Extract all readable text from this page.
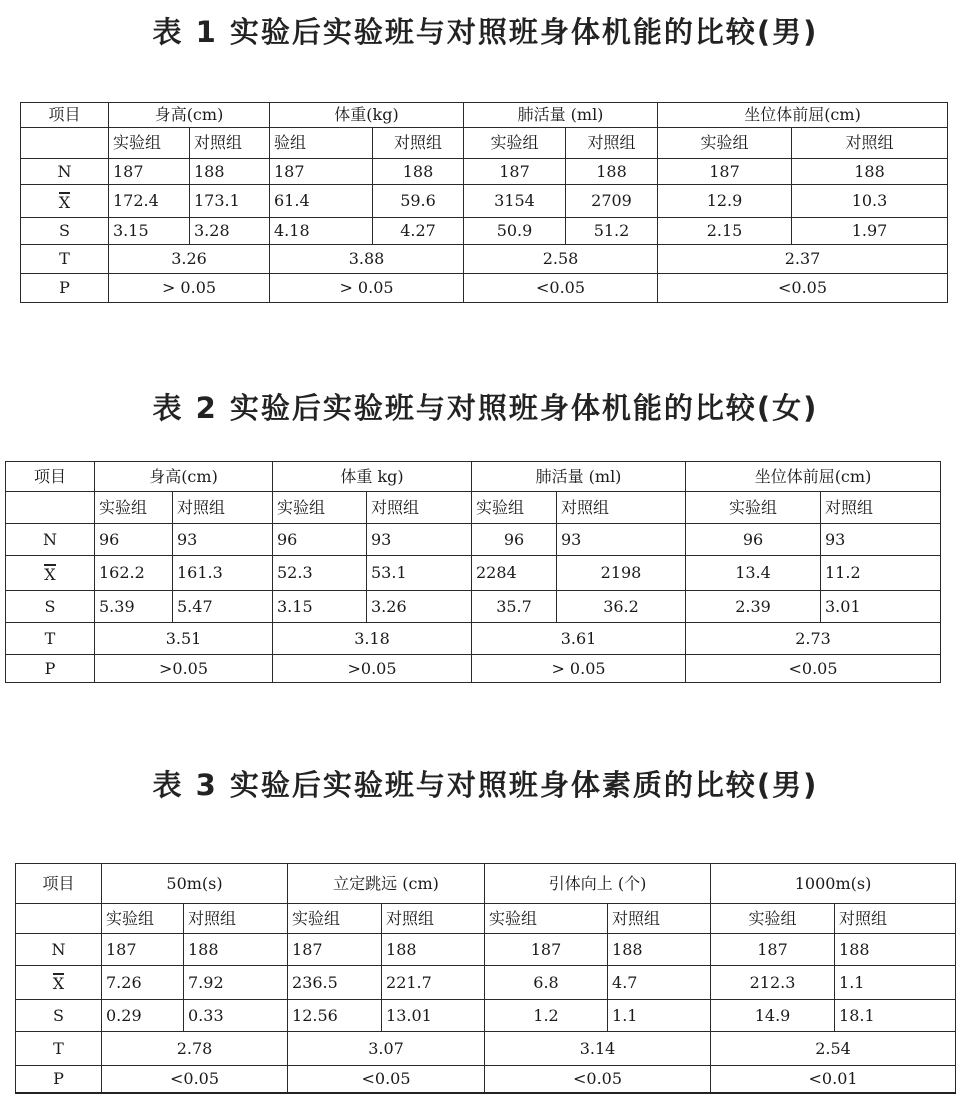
表 1 实验后实验班与对照班身体机能的比较(男)
项目	身高(cm)		体重(kg)		肺活量 (ml)		坐位体前屈(cm)	
	实验组	对照组	验组	对照组	实验组	对照组	实验组	对照组
N	187	188	187	188	187	188	187	188
X	172.4	173.1	61.4	59.6	3154	2709	12.9	10.3
S	3.15	3.28	4.18	4.27	50.9	51.2	2.15	1.97
T	3.26		3.88		2.58		2.37	
P	> 0.05		> 0.05		<0.05		<0.05	
表 2 实验后实验班与对照班身体机能的比较(女)
项目	身高(cm)		体重 kg)		肺活量 (ml)		坐位体前屈(cm)	
	实验组	对照组	实验组	对照组	实验组	对照组	实验组	对照组
N	96	93	96	93	96	93	96	93
X	162.2	161.3	52.3	53.1	2284	2198	13.4	11.2
S	5.39	5.47	3.15	3.26	35.7	36.2	2.39	3.01
T	3.51		3.18		3.61		2.73	
P	>0.05		>0.05		> 0.05		<0.05	
表 3 实验后实验班与对照班身体素质的比较(男)
项目	50m(s)		立定跳远 (cm)		引体向上 (个)		1000m(s)	
	实验组	对照组	实验组	对照组	实验组	对照组	实验组	对照组
N	187	188	187	188	187	188	187	188
X	7.26	7.92	236.5	221.7	6.8	4.7	212.3	1.1
S	0.29	0.33	12.56	13.01	1.2	1.1	14.9	18.1
T	2.78		3.07		3.14		2.54	
P	<0.05		<0.05		<0.05		<0.01	
